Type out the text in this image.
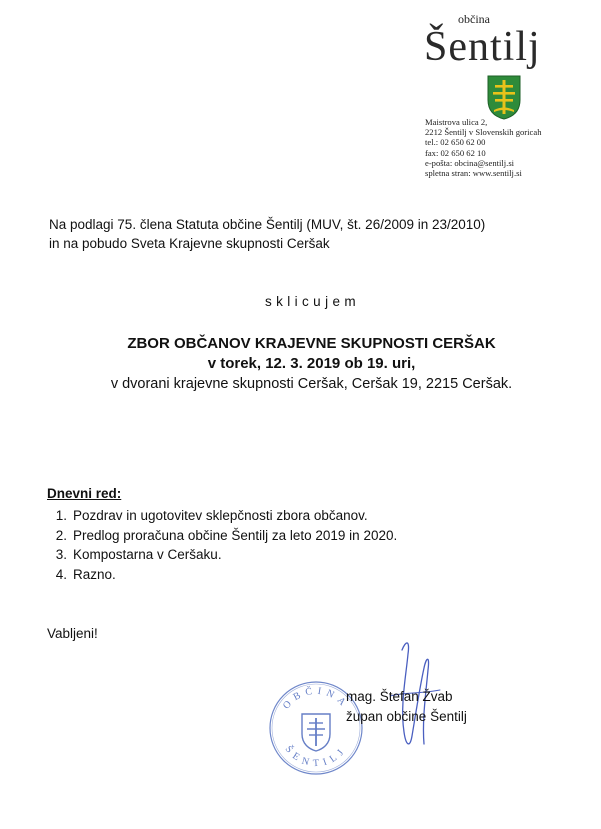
občina
Šentilj
Maistrova ulica 2,
2212 Šentilj v Slovenskih goricah
tel.: 02 650 62 00
fax: 02 650 62 10
e-pošta: obcina@sentilj.si
spletna stran: www.sentilj.si
Na podlagi 75. člena Statuta občine Šentilj (MUV, št. 26/2009 in 23/2010)
in na pobudo Sveta Krajevne skupnosti Ceršak
sklicujem
ZBOR OBČANOV KRAJEVNE SKUPNOSTI CERŠAK
v torek, 12. 3. 2019 ob 19. uri,
v dvorani krajevne skupnosti Ceršak, Ceršak 19, 2215 Ceršak.
Dnevni red:
1. Pozdrav in ugotovitev sklepčnosti zbora občanov.
2. Predlog proračuna občine Šentilj za leto 2019 in 2020.
3. Kompostarna v Ceršaku.
4. Razno.
Vabljeni!
OBČINA
ŠENTILJ
mag. Štefan Žvab
župan občine Šentilj
